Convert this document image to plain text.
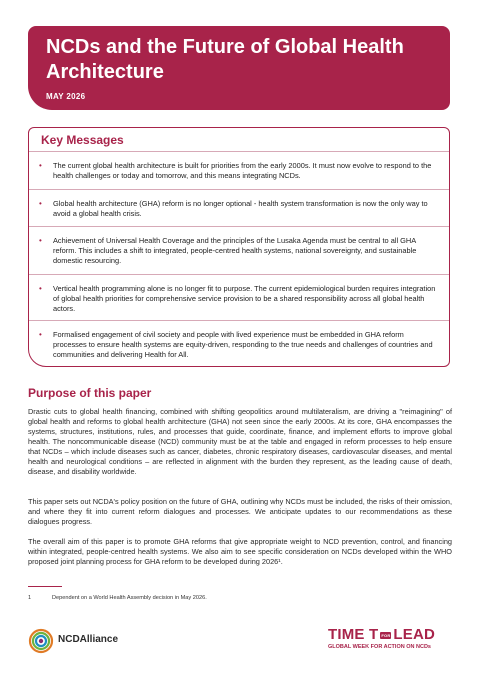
NCDs and the Future of Global Health Architecture
MAY 2026
Key Messages
• The current global health architecture is built for priorities from the early 2000s. It must now evolve to respond to the health challenges or today and tomorrow, and this means integrating NCDs.
• Global health architecture (GHA) reform is no longer optional - health system transformation is now the only way to avoid a global health crisis.
• Achievement of Universal Health Coverage and the principles of the Lusaka Agenda must be central to all GHA reform. This includes a shift to integrated, people-centred health systems, national sovereignty, and sustainable domestic resourcing.
• Vertical health programming alone is no longer fit to purpose. The current epidemiological burden requires integration of global health priorities for comprehensive service provision to be a shared responsibility across all global health actors.
• Formalised engagement of civil society and people with lived experience must be embedded in GHA reform processes to ensure health systems are equity-driven, responding to the true needs and challenges of countries and communities and delivering Health for All.
Purpose of this paper
Drastic cuts to global health financing, combined with shifting geopolitics around multilateralism, are driving a "reimagining" of global health and reforms to global health architecture (GHA) not seen since the early 2000s. At its core, GHA encompasses the systems, structures, institutions, rules, and processes that guide, coordinate, finance, and implement efforts to improve global health. The noncommunicable disease (NCD) community must be at the table and engaged in reform processes to help ensure that NCDs – which include diseases such as cancer, diabetes, chronic respiratory diseases, cardiovascular diseases, and mental health and neurological conditions – are reflected in alignment with the burden they represent, as the leading cause of death, disease, and disability worldwide.
This paper sets out NCDA's policy position on the future of GHA, outlining why NCDs must be included, the risks of their omission, and where they fit into current reform dialogues and processes. We anticipate updates to our recommendations as these dialogues progress.
The overall aim of this paper is to promote GHA reforms that give appropriate weight to NCD prevention, control, and financing within integrated, people-centred health systems. We also aim to see specific consideration on NCDs developed within the WHO proposed joint planning process for GHA reform to be developed during 2026¹.
1	Dependent on a World Health Assembly decision in May 2026.
NCDAlliance	TIME T FOR LEAD
GLOBAL WEEK FOR ACTION ON NCDs
